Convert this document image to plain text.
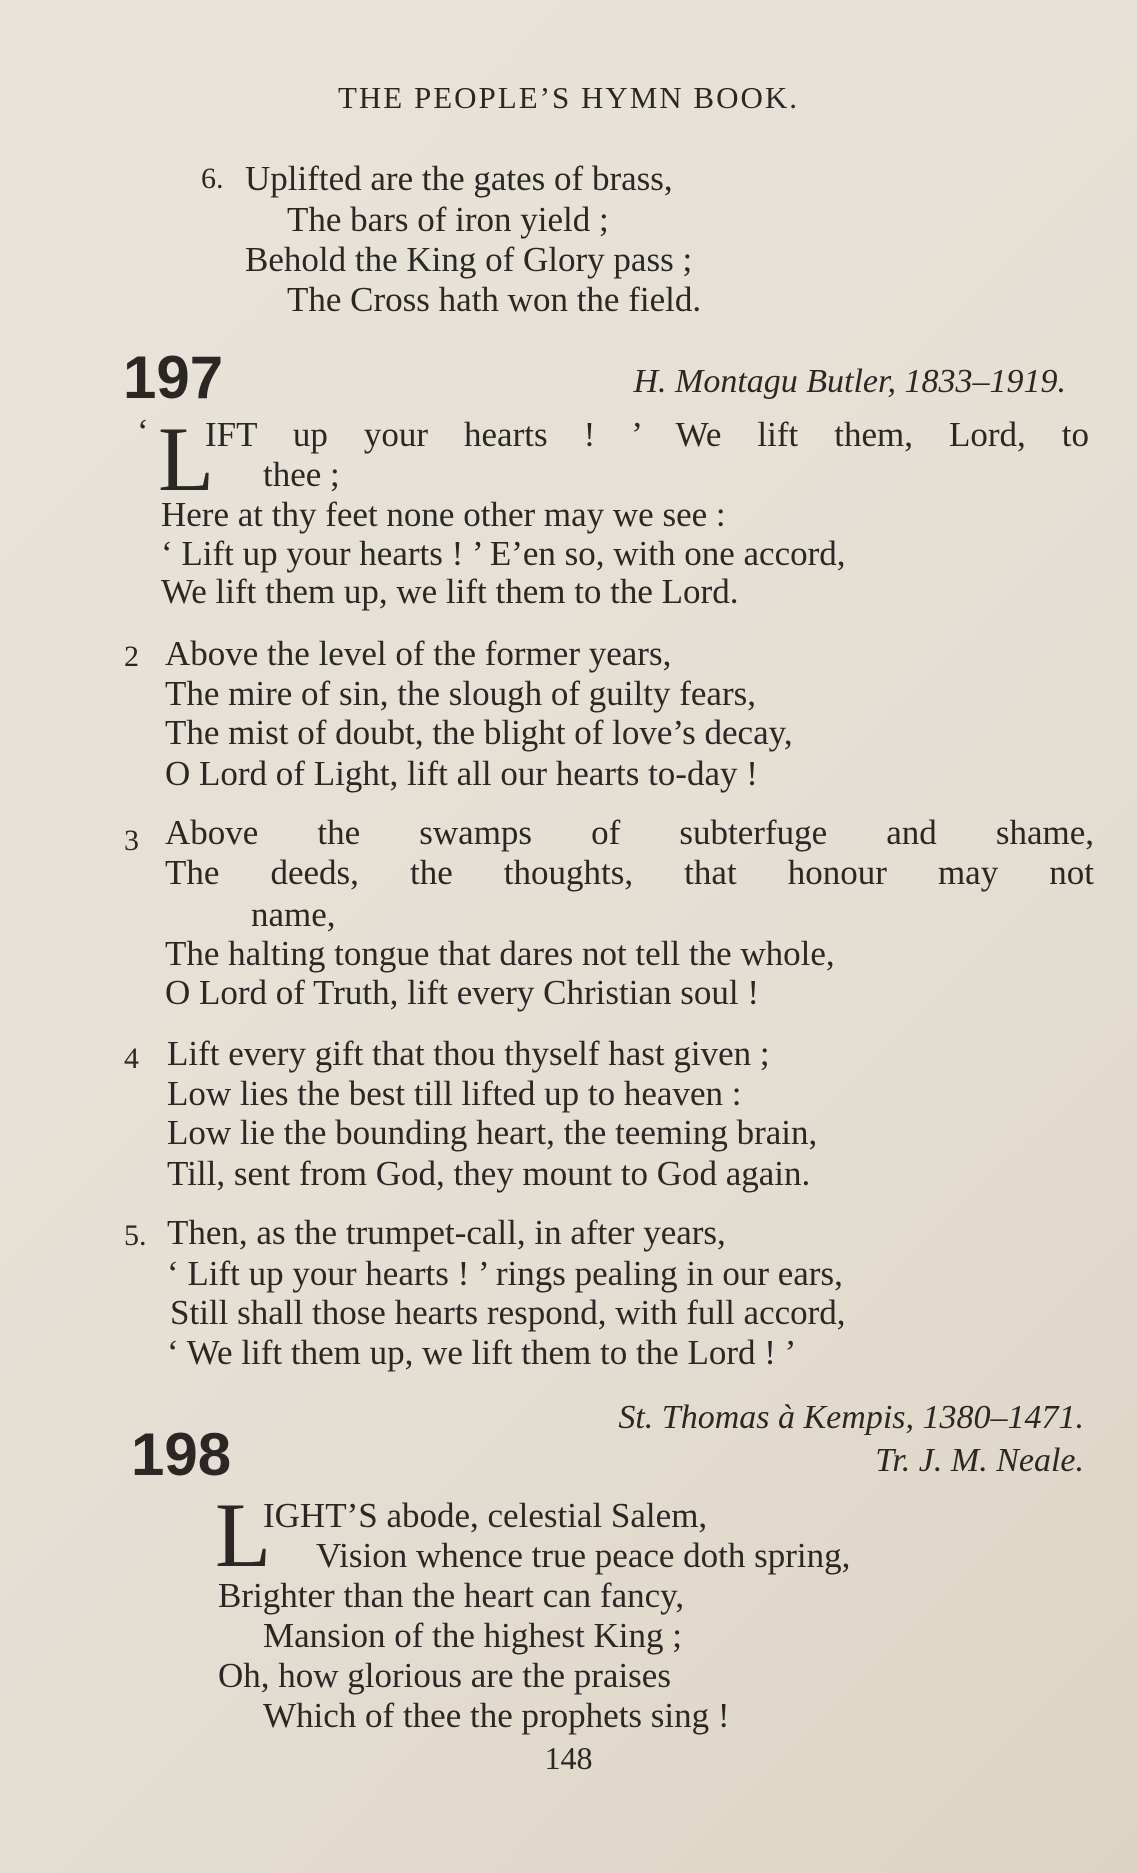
THE PEOPLE’S HYMN BOOK.
6. Uplifted are the gates of brass,
The bars of iron yield ;
Behold the King of Glory pass ;
The Cross hath won the field.
197	H. Montagu Butler, 1833–1919.
‘ L
IFT up your hearts ! ’ We lift them, Lord, to
thee ;
Here at thy feet none other may we see :
‘ Lift up your hearts ! ’ E’en so, with one accord,
We lift them up, we lift them to the Lord.
2 Above the level of the former years,
The mire of sin, the slough of guilty fears,
The mist of doubt, the blight of love’s decay,
O Lord of Light, lift all our hearts to-day !
3 Above the swamps of subterfuge and shame,
name,
The halting tongue that dares not tell the whole,
O Lord of Truth, lift every Christian soul !
4 Lift every gift that thou thyself hast given ;
Low lies the best till lifted up to heaven :
Low lie the bounding heart, the teeming brain,
Till, sent from God, they mount to God again.
5. Then, as the trumpet-call, in after years,
‘ Lift up your hearts ! ’ rings pealing in our ears,
Still shall those hearts respond, with full accord,
‘ We lift them up, we lift them to the Lord ! ’
198
St. Thomas à Kempis, 1380–1471.
Tr. J. M. Neale.
L
IGHT’S abode, celestial Salem,
Vision whence true peace doth spring,
Brighter than the heart can fancy,
Mansion of the highest King ;
Oh, how glorious are the praises
Which of thee the prophets sing !
148
The deeds, the thoughts, that honour may not
